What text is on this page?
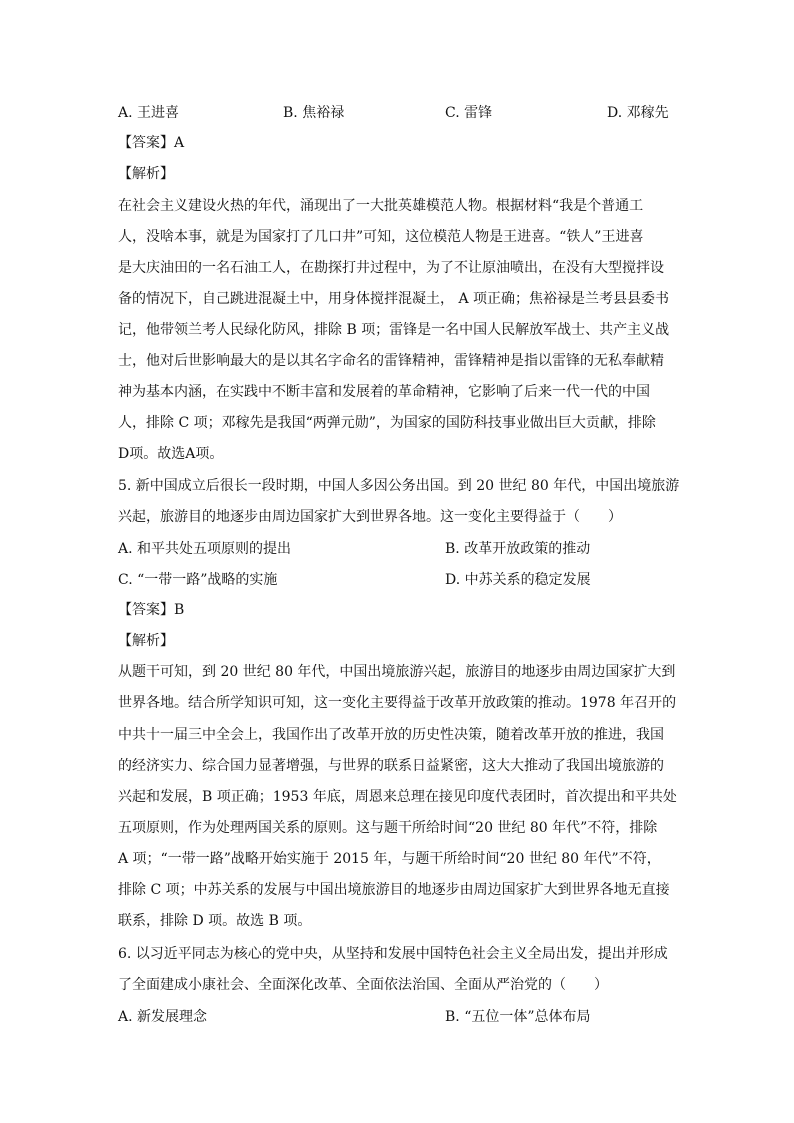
A. 王进喜	B. 焦裕禄	C. 雷锋	D. 邓稼先
【答案】A
【解析】
在社会主义建设火热的年代，涌现出了一大批英雄模范人物。根据材料“我是个普通工
人，没啥本事，就是为国家打了几口井”可知，这位模范人物是王进喜。“铁人”王进喜
是大庆油田的一名石油工人，在勘探打井过程中，为了不让原油喷出，在没有大型搅拌设
备的情况下，自己跳进混凝土中，用身体搅拌混凝土， A 项正确；焦裕禄是兰考县县委书
记，他带领兰考人民绿化防风，排除 B 项；雷锋是一名中国人民解放军战士、共产主义战
士，他对后世影响最大的是以其名字命名的雷锋精神，雷锋精神是指以雷锋的无私奉献精
神为基本内涵，在实践中不断丰富和发展着的革命精神，它影响了后来一代一代的中国
人，排除 C 项；邓稼先是我国“两弹元勋”，为国家的国防科技事业做出巨大贡献，排除
D项。故选A项。
5. 新中国成立后很长一段时期，中国人多因公务出国。到 20 世纪 80 年代，中国出境旅游
兴起，旅游目的地逐步由周边国家扩大到世界各地。这一变化主要得益于（　　）
A. 和平共处五项原则的提出	B. 改革开放政策的推动
C. “一带一路”战略的实施	D. 中苏关系的稳定发展
【答案】B
【解析】
从题干可知，到 20 世纪 80 年代，中国出境旅游兴起，旅游目的地逐步由周边国家扩大到
世界各地。结合所学知识可知，这一变化主要得益于改革开放政策的推动。1978 年召开的
中共十一届三中全会上，我国作出了改革开放的历史性决策，随着改革开放的推进，我国
的经济实力、综合国力显著增强，与世界的联系日益紧密，这大大推动了我国出境旅游的
兴起和发展，B 项正确；1953 年底，周恩来总理在接见印度代表团时，首次提出和平共处
五项原则，作为处理两国关系的原则。这与题干所给时间“20 世纪 80 年代”不符，排除
A 项；“一带一路”战略开始实施于 2015 年，与题干所给时间“20 世纪 80 年代”不符，
排除 C 项；中苏关系的发展与中国出境旅游目的地逐步由周边国家扩大到世界各地无直接
联系，排除 D 项。故选 B 项。
6. 以习近平同志为核心的党中央，从坚持和发展中国特色社会主义全局出发，提出并形成
了全面建成小康社会、全面深化改革、全面依法治国、全面从严治党的（　　）
A. 新发展理念	B. “五位一体”总体布局
